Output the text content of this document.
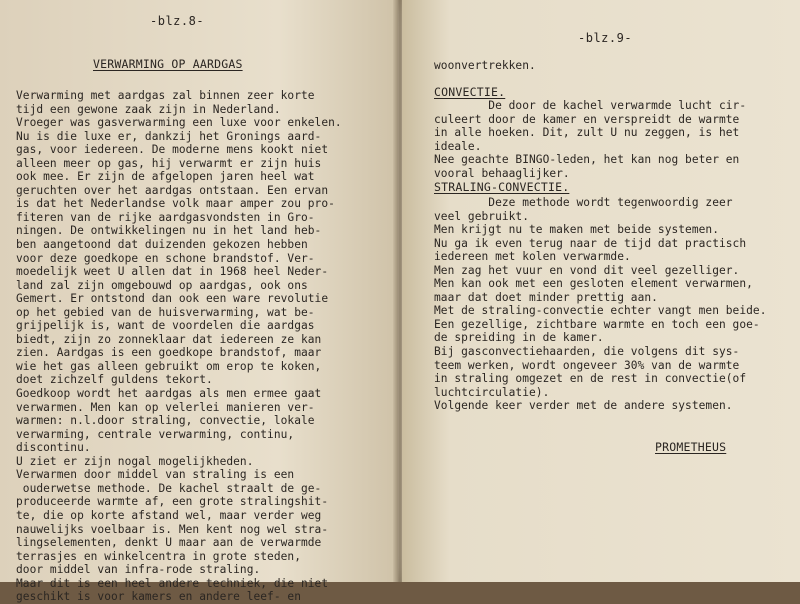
-blz.8-
VERWARMING OP AARDGAS
Verwarming met aardgas zal binnen zeer korte
tijd een gewone zaak zijn in Nederland.
Vroeger was gasverwarming een luxe voor enkelen.
Nu is die luxe er, dankzij het Gronings aard-
gas, voor iedereen. De moderne mens kookt niet
alleen meer op gas, hij verwarmt er zijn huis
ook mee. Er zijn de afgelopen jaren heel wat
geruchten over het aardgas ontstaan. Een ervan
is dat het Nederlandse volk maar amper zou pro-
fiteren van de rijke aardgasvondsten in Gro-
ningen. De ontwikkelingen nu in het land heb-
ben aangetoond dat duizenden gekozen hebben
voor deze goedkope en schone brandstof. Ver-
moedelijk weet U allen dat in 1968 heel Neder-
land zal zijn omgebouwd op aardgas, ook ons
Gemert. Er ontstond dan ook een ware revolutie
op het gebied van de huisverwarming, wat be-
grijpelijk is, want de voordelen die aardgas
biedt, zijn zo zonneklaar dat iedereen ze kan
zien. Aardgas is een goedkope brandstof, maar
wie het gas alleen gebruikt om erop te koken,
doet zichzelf guldens tekort.
Goedkoop wordt het aardgas als men ermee gaat
verwarmen. Men kan op velerlei manieren ver-
warmen: n.l.door straling, convectie, lokale
verwarming, centrale verwarming, continu,
discontinu.
U ziet er zijn nogal mogelijkheden.
Verwarmen door middel van straling is een
ouderwetse methode. De kachel straalt de ge-
produceerde warmte af, een grote stralingshit-
te, die op korte afstand wel, maar verder weg
nauwelijks voelbaar is. Men kent nog wel stra-
lingselementen, denkt U maar aan de verwarmde
terrasjes en winkelcentra in grote steden,
door middel van infra-rode straling.
Maar dit is een heel andere techniek, die niet
geschikt is voor kamers en andere leef- en
-blz.9-
woonvertrekken.
CONVECTIE.
De door de kachel verwarmde lucht cir-
culeert door de kamer en verspreidt de warmte
in alle hoeken. Dit, zult U nu zeggen, is het
ideale.
Nee geachte BINGO-leden, het kan nog beter en
vooral behaaglijker.
STRALING-CONVECTIE.
Deze methode wordt tegenwoordig zeer
veel gebruikt.
Men krijgt nu te maken met beide systemen.
Nu ga ik even terug naar de tijd dat practisch
iedereen met kolen verwarmde.
Men zag het vuur en vond dit veel gezelliger.
Men kan ook met een gesloten element verwarmen,
maar dat doet minder prettig aan.
Met de straling-convectie echter vangt men beide.
Een gezellige, zichtbare warmte en toch een goe-
de spreiding in de kamer.
Bij gasconvectiehaarden, die volgens dit sys-
teem werken, wordt ongeveer 30% van de warmte
in straling omgezet en de rest in convectie(of
luchtcirculatie).
Volgende keer verder met de andere systemen.
PROMETHEUS
